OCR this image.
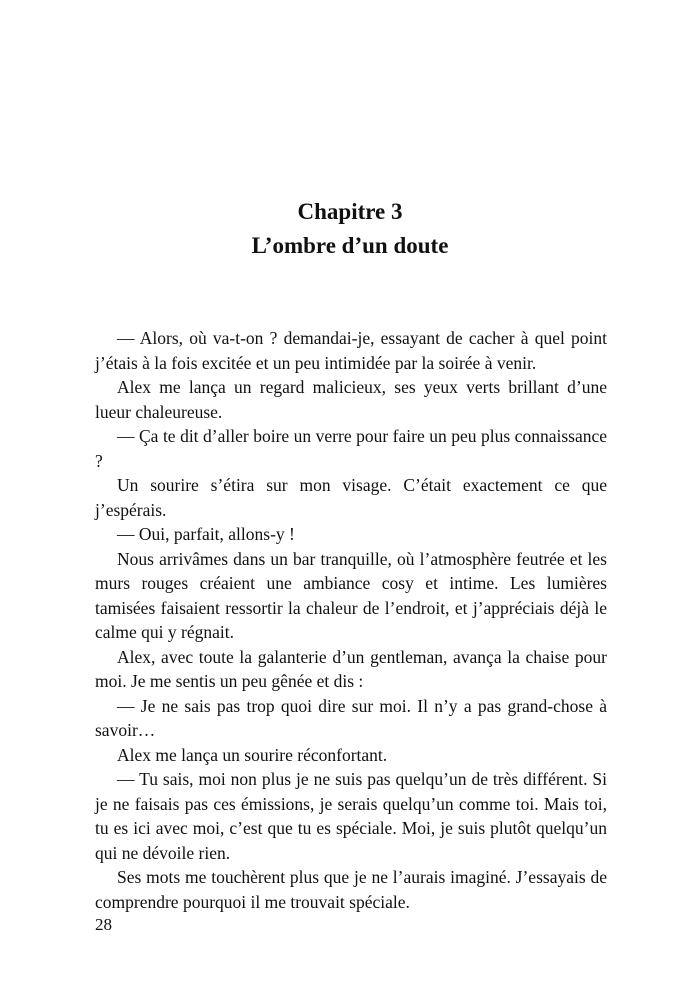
Chapitre 3
L’ombre d’un doute

— Alors, où va-t-on ? demandai-je, essayant de cacher à quel point j’étais à la fois excitée et un peu intimidée par la soirée à venir.

Alex me lança un regard malicieux, ses yeux verts brillant d’une lueur chaleureuse.

— Ça te dit d’aller boire un verre pour faire un peu plus connaissance ?

Un sourire s’étira sur mon visage. C’était exactement ce que j’espérais.

— Oui, parfait, allons-y !

Nous arrivâmes dans un bar tranquille, où l’atmosphère feutrée et les murs rouges créaient une ambiance cosy et intime. Les lumières tamisées faisaient ressortir la chaleur de l’endroit, et j’appréciais déjà le calme qui y régnait.

Alex, avec toute la galanterie d’un gentleman, avança la chaise pour moi. Je me sentis un peu gênée et dis :

— Je ne sais pas trop quoi dire sur moi. Il n’y a pas grand-chose à savoir…

Alex me lança un sourire réconfortant.

— Tu sais, moi non plus je ne suis pas quelqu’un de très différent. Si je ne faisais pas ces émissions, je serais quelqu’un comme toi. Mais toi, tu es ici avec moi, c’est que tu es spéciale. Moi, je suis plutôt quelqu’un qui ne dévoile rien.

Ses mots me touchèrent plus que je ne l’aurais imaginé. J’essayais de comprendre pourquoi il me trouvait spéciale.

28
